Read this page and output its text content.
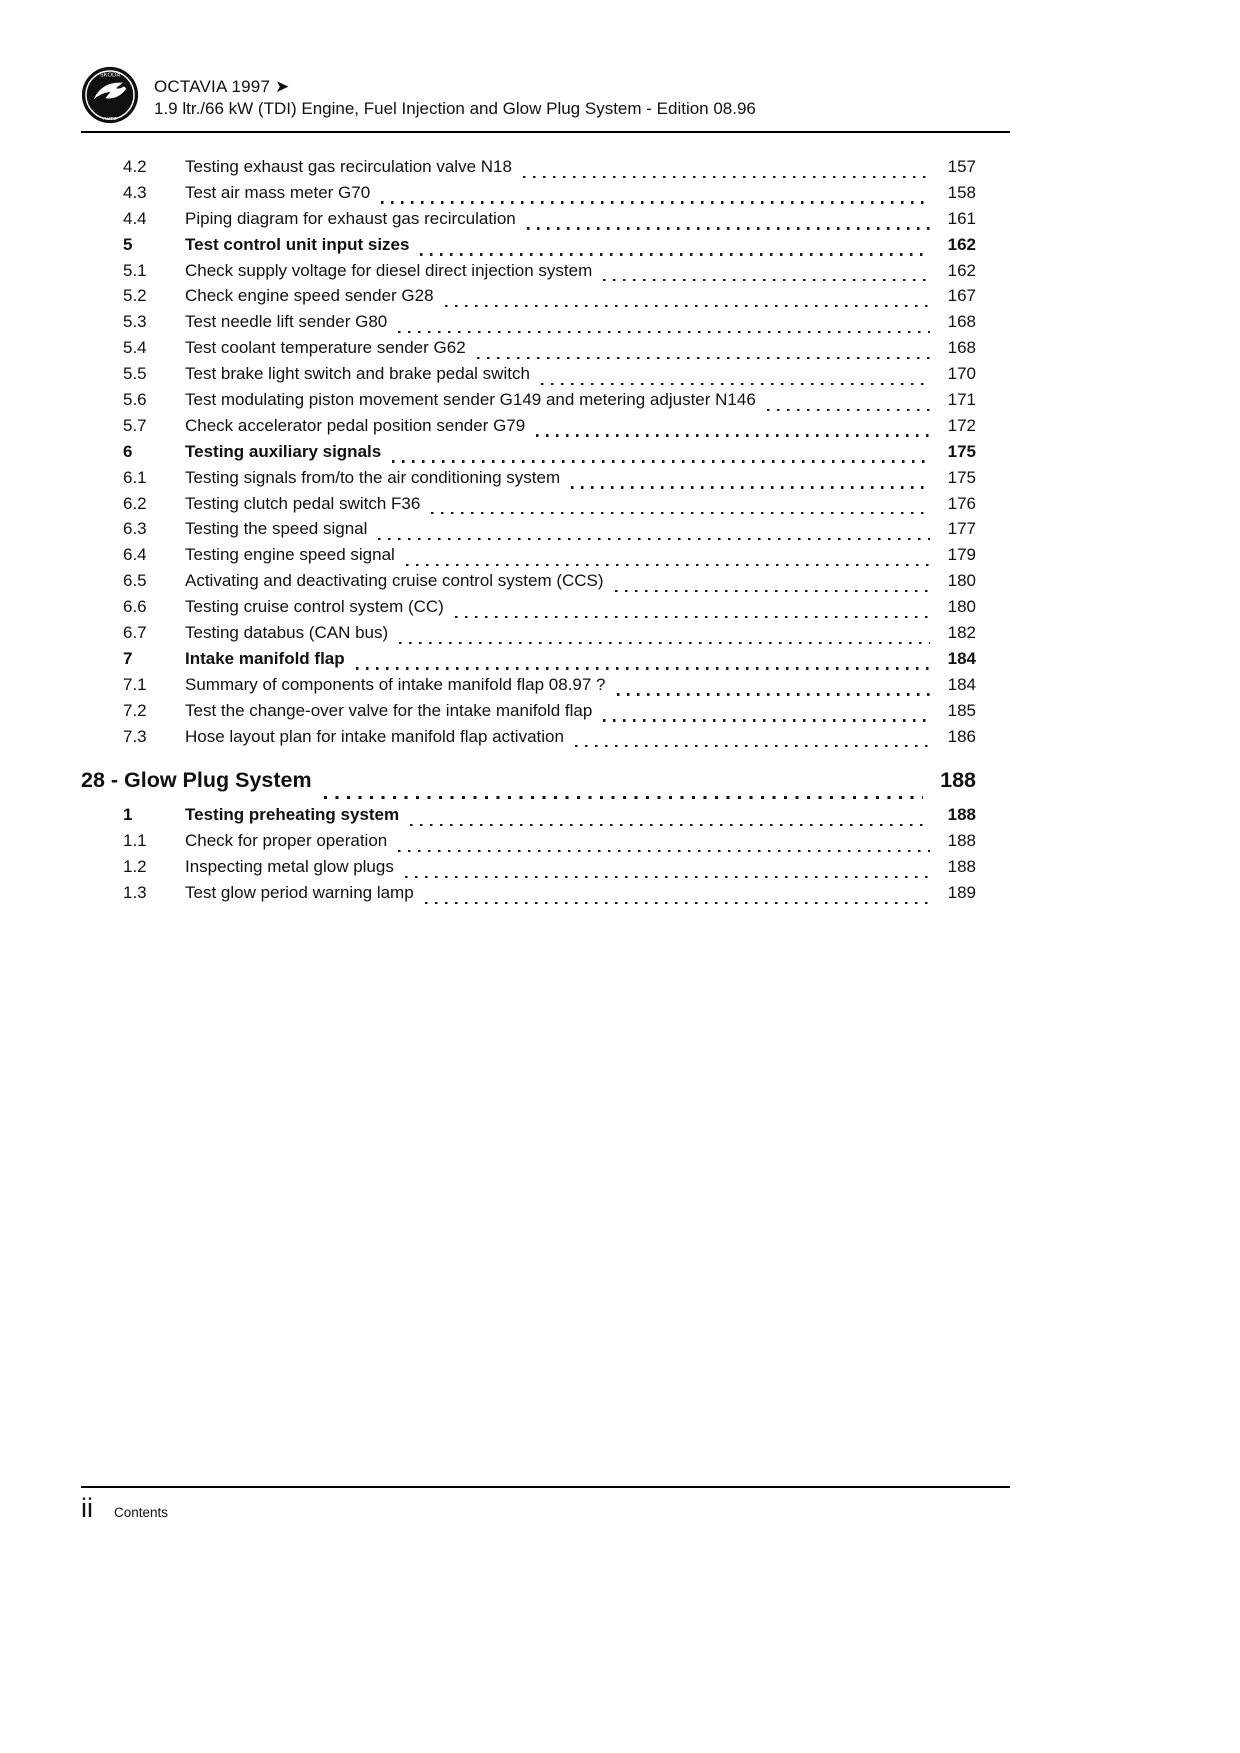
SKODA
AUTO
OCTAVIA 1997 ➤
1.9 ltr./66 kW (TDI) Engine, Fuel Injection and Glow Plug System - Edition 08.96
4.2	Testing exhaust gas recirculation valve N18	157
4.3	Test air mass meter G70	158
4.4	Piping diagram for exhaust gas recirculation	161
5	Test control unit input sizes	162
5.1	Check supply voltage for diesel direct injection system	162
5.2	Check engine speed sender G28	167
5.3	Test needle lift sender G80	168
5.4	Test coolant temperature sender G62	168
5.5	Test brake light switch and brake pedal switch	170
5.6	Test modulating piston movement sender G149 and metering adjuster N146	171
5.7	Check accelerator pedal position sender G79	172
6	Testing auxiliary signals	175
6.1	Testing signals from/to the air conditioning system	175
6.2	Testing clutch pedal switch F36	176
6.3	Testing the speed signal	177
6.4	Testing engine speed signal	179
6.5	Activating and deactivating cruise control system (CCS)	180
6.6	Testing cruise control system (CC)	180
6.7	Testing databus (CAN bus)	182
7	Intake manifold flap	184
7.1	Summary of components of intake manifold flap 08.97 ?	184
7.2	Test the change-over valve for the intake manifold flap	185
7.3	Hose layout plan for intake manifold flap activation	186
28 - Glow Plug System	188
1	Testing preheating system	188
1.1	Check for proper operation	188
1.2	Inspecting metal glow plugs	188
1.3	Test glow period warning lamp	189
ii Contents
